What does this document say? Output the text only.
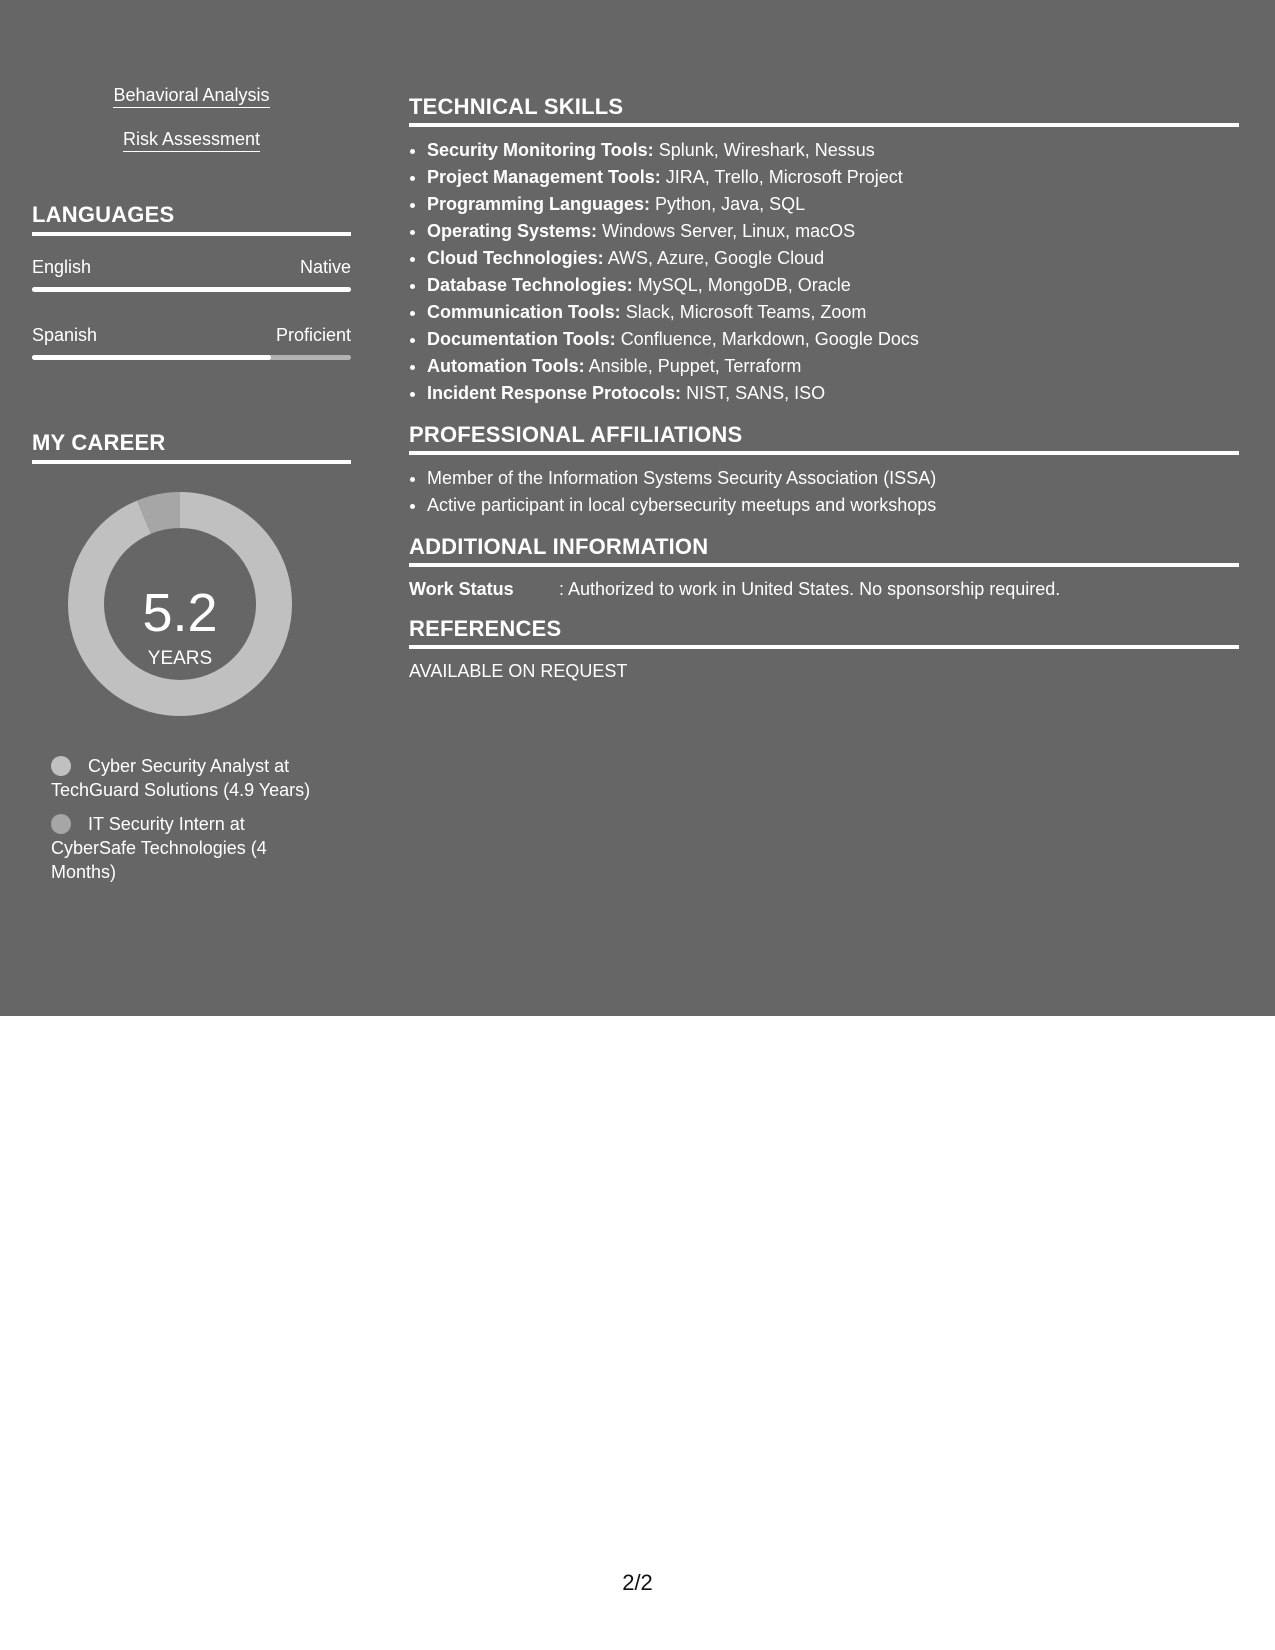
Behavioral Analysis
Risk Assessment
LANGUAGES
English	Native
Spanish	Proficient
MY CAREER
5.2
YEARS
Cyber Security Analyst at TechGuard Solutions (4.9 Years)
IT Security Intern at CyberSafe Technologies (4 Months)
TECHNICAL SKILLS
• Security Monitoring Tools: Splunk, Wireshark, Nessus
• Project Management Tools: JIRA, Trello, Microsoft Project
• Programming Languages: Python, Java, SQL
• Operating Systems: Windows Server, Linux, macOS
• Cloud Technologies: AWS, Azure, Google Cloud
• Database Technologies: MySQL, MongoDB, Oracle
• Communication Tools: Slack, Microsoft Teams, Zoom
• Documentation Tools: Confluence, Markdown, Google Docs
• Automation Tools: Ansible, Puppet, Terraform
• Incident Response Protocols: NIST, SANS, ISO
PROFESSIONAL AFFILIATIONS
• Member of the Information Systems Security Association (ISSA)
• Active participant in local cybersecurity meetups and workshops
ADDITIONAL INFORMATION
Work Status	: Authorized to work in United States. No sponsorship required.
REFERENCES
AVAILABLE ON REQUEST
2/2
